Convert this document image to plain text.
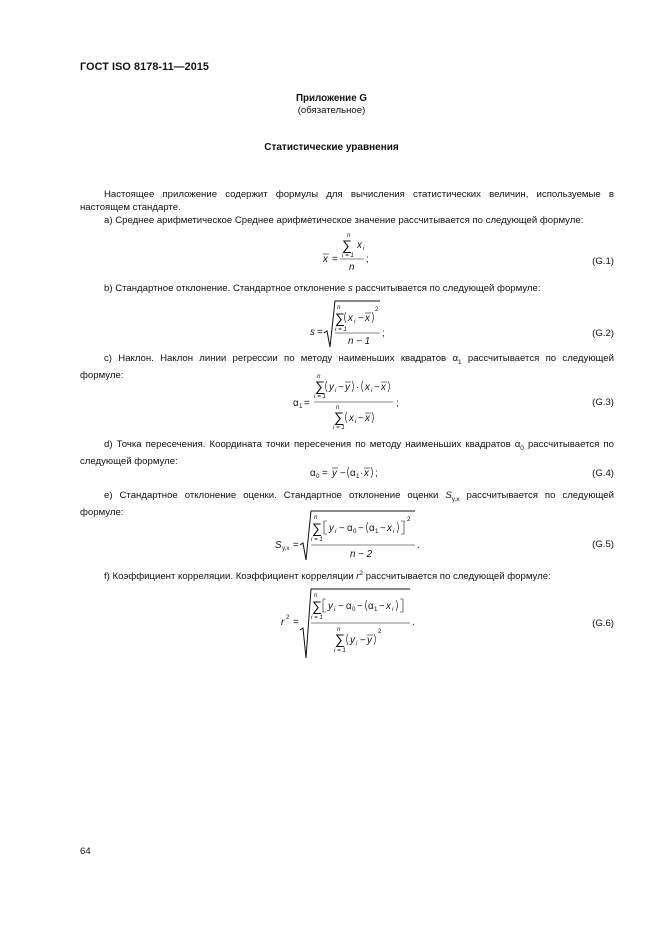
ГОСТ ISO 8178-11—2015
Приложение G
(обязательное)
Статистические уравнения
Настоящее приложение содержит формулы для вычисления статистических величин, используемые в настоящем стандарте.
a) Среднее арифметическое Среднее арифметическое значение рассчитывается по следующей формуле:
n
∑ x i
i = 1
n
x =	;	(G.1)
b) Стандартное отклонение. Стандартное отклонение s рассчитывается по следующей формуле:
s =
n
∑
i = 1
x i − x
2
n − 1
;	(G.2)
c) Наклон. Наклон линии регрессии по методу наименьших квадратов $\alpha_1$ рассчитывается по следующей формуле:
α 1 =
n
∑
i = 1
y i − y · x i − x
n
∑
i = 1
x i − x
;	(G.3)
d) Точка пересечения. Координата точки пересечения по методу наименьших квадратов $\alpha_0$ рассчитывается по следующей формуле:
α 0 = y − α 1 · x ;	(G.4)
e) Стандартное отклонение оценки. Стандартное отклонение оценки $S_{y,x}$ рассчитывается по следующей формуле:
S y,x =
n
∑
i = 1
y i − α 0 − α 1 − x i
2
n − 2
.	(G.5)
f) Коэффициент корреляции. Коэффициент корреляции $r^2$ рассчитывается по следующей формуле:
r 2 =
n
∑
i = 1
y i − α 0 − α 1 − x i
n
∑
i = 1
y i − y
2
.	(G.6)
64
